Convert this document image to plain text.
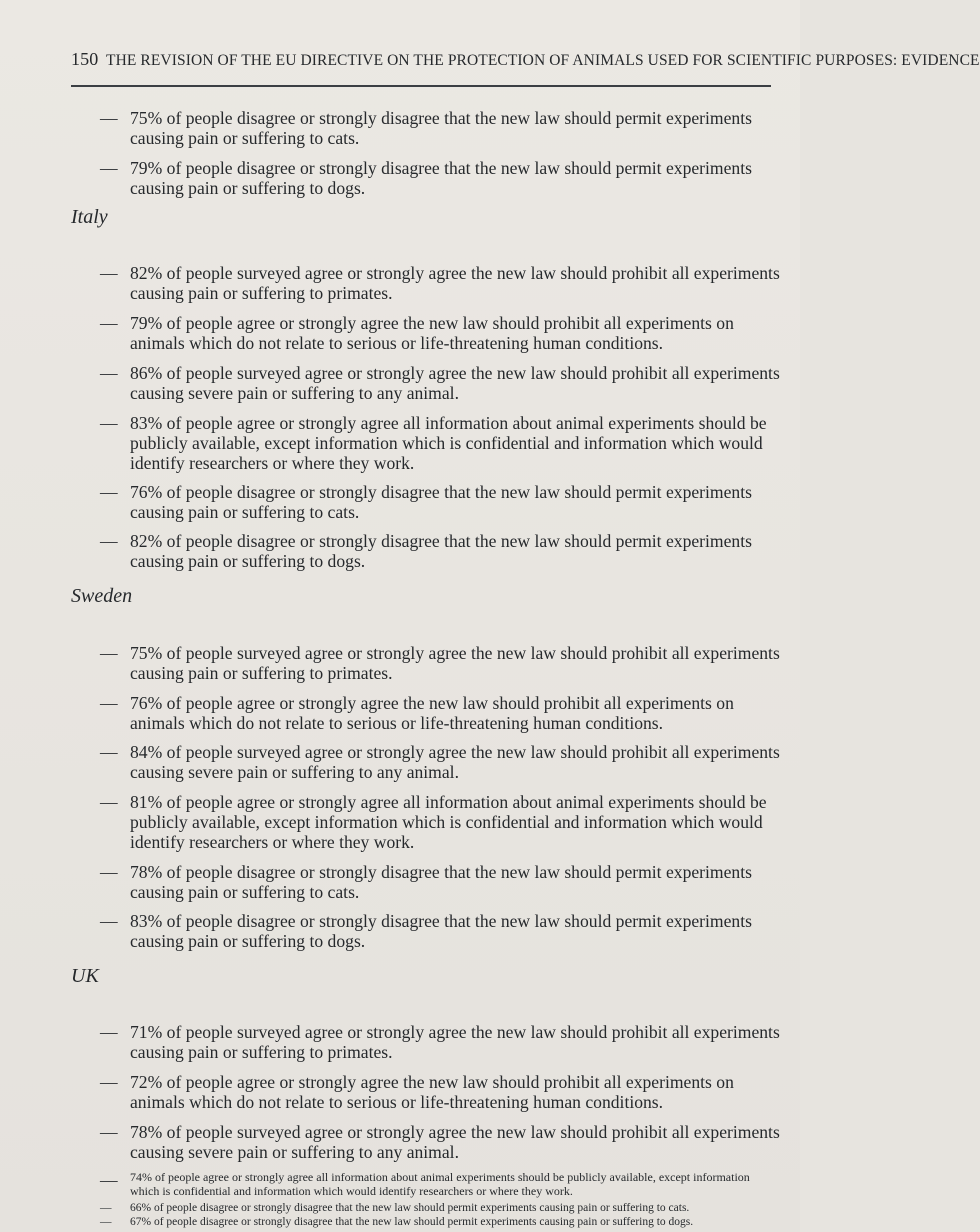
150 THE REVISION OF THE EU DIRECTIVE ON THE PROTECTION OF ANIMALS USED FOR SCIENTIFIC PURPOSES: EVIDENCE
— 75% of people disagree or strongly disagree that the new law should permit experiments causing pain or suffering to cats.
— 79% of people disagree or strongly disagree that the new law should permit experiments causing pain or suffering to dogs.
Italy
— 82% of people surveyed agree or strongly agree the new law should prohibit all experiments causing pain or suffering to primates.
— 79% of people agree or strongly agree the new law should prohibit all experiments on animals which do not relate to serious or life-threatening human conditions.
— 86% of people surveyed agree or strongly agree the new law should prohibit all experiments causing severe pain or suffering to any animal.
— 83% of people agree or strongly agree all information about animal experiments should be publicly available, except information which is confidential and information which would identify researchers or where they work.
— 76% of people disagree or strongly disagree that the new law should permit experiments causing pain or suffering to cats.
— 82% of people disagree or strongly disagree that the new law should permit experiments causing pain or suffering to dogs.
Sweden
— 75% of people surveyed agree or strongly agree the new law should prohibit all experiments causing pain or suffering to primates.
— 76% of people agree or strongly agree the new law should prohibit all experiments on animals which do not relate to serious or life-threatening human conditions.
— 84% of people surveyed agree or strongly agree the new law should prohibit all experiments causing severe pain or suffering to any animal.
— 81% of people agree or strongly agree all information about animal experiments should be publicly available, except information which is confidential and information which would identify researchers or where they work.
— 78% of people disagree or strongly disagree that the new law should permit experiments causing pain or suffering to cats.
— 83% of people disagree or strongly disagree that the new law should permit experiments causing pain or suffering to dogs.
UK
— 71% of people surveyed agree or strongly agree the new law should prohibit all experiments causing pain or suffering to primates.
— 72% of people agree or strongly agree the new law should prohibit all experiments on animals which do not relate to serious or life-threatening human conditions.
— 78% of people surveyed agree or strongly agree the new law should prohibit all experiments causing severe pain or suffering to any animal.
—	74% of people agree or strongly agree all information about animal experiments should be publicly available, except information which is confidential and information which would identify researchers or where they work.
—	66% of people disagree or strongly disagree that the new law should permit experiments causing pain or suffering to cats.
—	67% of people disagree or strongly disagree that the new law should permit experiments causing pain or suffering to dogs.
